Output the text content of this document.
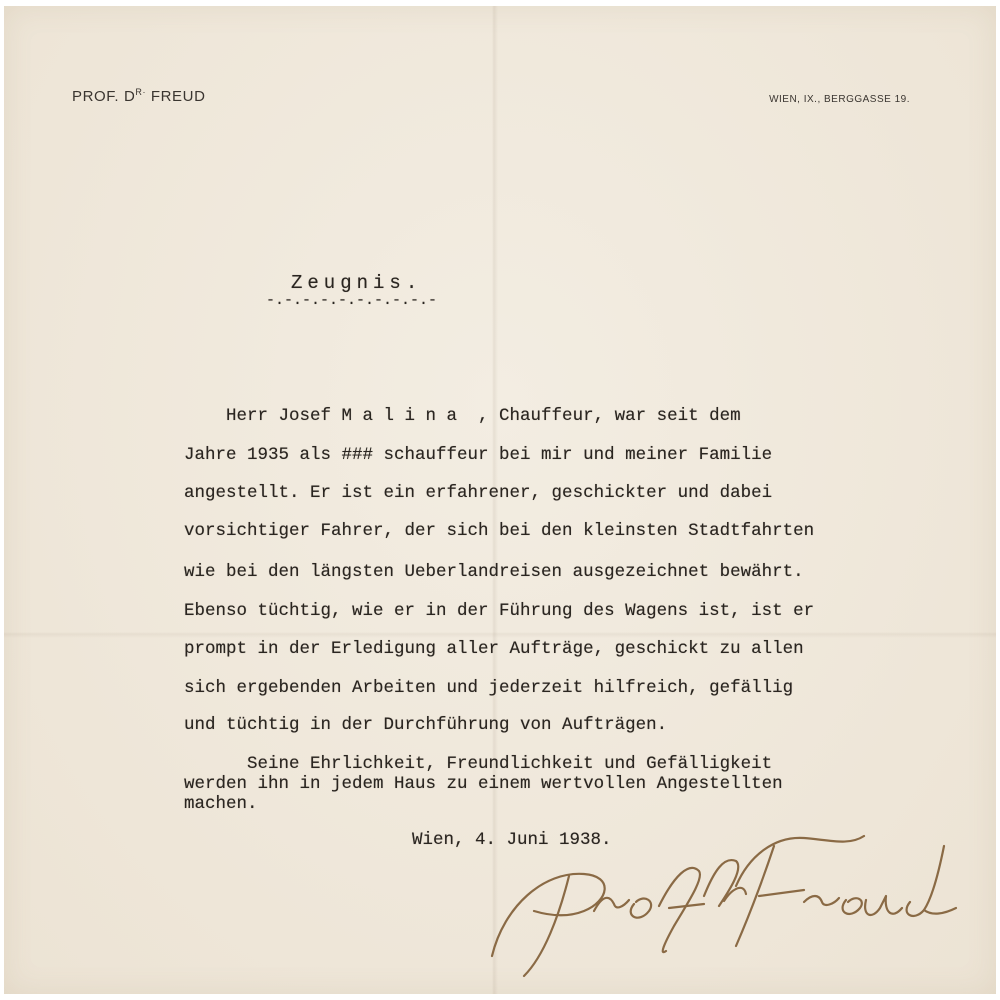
PROF. $D^{R\cdot}$ FREUD	WIEN, IX., BERGGASSE 19.
Zeugnis.
-.-.-.-.-.-.-.-.-.-
Herr Josef M a l i n a  , Chauffeur, war seit dem
Jahre 1935 als ### schauffeur bei mir und meiner Familie
angestellt. Er ist ein erfahrener, geschickter und dabei
vorsichtiger Fahrer, der sich bei den kleinsten Stadtfahrten
wie bei den längsten Ueberlandreisen ausgezeichnet bewährt.
Ebenso tüchtig, wie er in der Führung des Wagens ist, ist er
prompt in der Erledigung aller Aufträge, geschickt zu allen
sich ergebenden Arbeiten und jederzeit hilfreich, gefällig
und tüchtig in der Durchführung von Aufträgen.
Seine Ehrlichkeit, Freundlichkeit und Gefälligkeit
werden ihn in jedem Haus zu einem wertvollen Angestellten
machen.
Wien, 4. Juni 1938.
